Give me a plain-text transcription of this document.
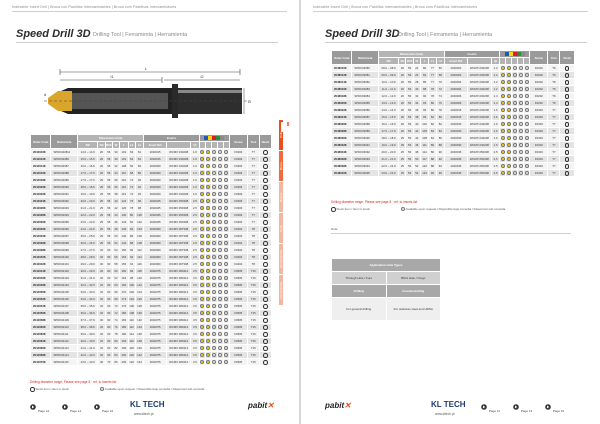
Indexable Insert Drill | Broca con Pastillas Intercambiables | Broca com Pastilhas Intercambiáveis
Speed Drill 3D Drilling Tool | Ferramenta | Herramienta
L
l1	l2
D
d
Order Code	Referência	Dimensions (mm)							Inserts								Screw	Torx	Stock
		ØD	Ød	Øh6	W	L	L1	L2	Insert Ref		Qt								
20440108	SPDK040811	14.0 ~ 14.9	20	56	30	101	63	81	2040015	WCMX 030208	1.6						F0303	T7	
20440128	SPDK04086	15.0 ~ 15.9	20	56	30	101	63	81	2040015	WCMX 030208	1.6						F0303	T7	
20440148	SPDK04087	16.0 ~ 16.9	20	56	32	108	66	84	2040030	WCMX 040208	1.6						F0303	T7	
20440168	SPDK04088	17.0 ~ 17.5	20	56	34	110	68	86	2040030	WCMX 040208	1.6						F0303	T7	
20440188	SPDK04089	17.6 ~ 17.9	25	56	36	116	72	92	2040030	WCMX 040208	1.6						F0303	T7	
20440208	SPDK04090	18.0 ~ 18.9	25	56	36	116	72	92	2040030	WCMX 040208	1.6						F0303	T7	
20440228	SPDK04091	19.0 ~ 19.9	25	56	38	119	74	94	2040030	WCMX 040208	1.6						F0303	T7	
20440248	SPDK04092	20.0 ~ 20.9	25	56	40	122	76	96	2040045	WCMX 050308	2.5						F0303	T7	
20440268	SPDK04093	21.0 ~ 21.9	25	56	42	126	78	98	2040045	WCMX 050308	2.5						F0303	T7	
20440288	SPDK04094	22.0 ~ 22.9	25	56	44	130	80	100	2040045	WCMX 050308	2.5						F0303	T7	
20440308	SPDK04095	23.0 ~ 23.9	25	56	46	133	82	102	2040045	WCMX 050308	2.5						F0303	T7	
20440328	SPDK04096	24.0 ~ 24.9	25	56	48	136	84	104	2040060	WCMX 06T308	2.5						F0404	T8	
20440348	SPDK04097	25.0 ~ 25.9	25	56	50	140	86	106	2040060	WCMX 06T308	2.5						F0404	T8	
20440368	SPDK04098	26.0 ~ 26.9	25	56	52	142	88	108	2040060	WCMX 06T308	2.5						F0404	T8	
20440388	SPDK04099	27.0 ~ 27.9	32	60	54	150	90	112	2040060	WCMX 06T308	2.5						F0404	T8	
20440408	SPDK04100	28.0 ~ 28.9	32	60	56	153	92	114	2040060	WCMX 06T308	2.5						F0404	T8	
20440428	SPDK04101	29.0 ~ 29.9	32	60	58	156	94	116	2040060	WCMX 06T308	2.5						F0404	T8	
20440448	SPDK04102	30.0 ~ 30.9	32	60	60	160	96	118	2040075	WCMX 080412	3.5						F0505	T15	
20440468	SPDK04103	31.0 ~ 31.9	32	60	62	163	98	120	2040075	WCMX 080412	3.5						F0505	T15	
20440488	SPDK04104	32.0 ~ 32.9	32	60	64	166	100	122	2040075	WCMX 080412	3.5						F0505	T15	
20440508	SPDK04105	33.0 ~ 33.9	32	60	66	170	102	124	2040075	WCMX 080412	3.5						F0505	T15	
20440528	SPDK04106	34.0 ~ 34.9	32	60	68	173	104	126	2040075	WCMX 080412	3.5						F0505	T15	
20440548	SPDK04107	35.0 ~ 35.9	32	60	70	176	106	128	2040075	WCMX 080412	3.5						F0505	T15	
20440568	SPDK04108	36.0 ~ 36.9	32	60	72	180	108	130	2040075	WCMX 080412	3.5						F0505	T15	
20440588	SPDK04109	37.0 ~ 37.9	32	60	74	183	110	132	2040075	WCMX 080412	3.5						F0505	T15	
20440608	SPDK04110	38.0 ~ 38.9	32	60	76	186	112	134	2040075	WCMX 080412	3.5						F0505	T15	
20440628	SPDK04111	39.0 ~ 39.9	32	60	78	190	114	136	2040075	WCMX 080412	3.5						F0505	T15	
20440648	SPDK04112	40.0 ~ 40.9	32	60	80	193	116	138	2040075	WCMX 080412	3.5						F0505	T15	
20440668	SPDK04113	41.0 ~ 41.9	32	60	82	196	118	140	2040075	WCMX 080412	3.5						F0505	T15	
20440688	SPDK04114	42.0 ~ 42.9	32	60	84	200	120	142	2040075	WCMX 080412	3.5						F0505	T15	
20440708	SPDK04115	43.0 ~ 43.9	40	70	86	206	122	144	2040075	WCMX 080412	3.5						F0505	T15	
Drills
Broca
Brocas
Tools
Herramientas
Ferramentas
8
Drilling diameter range. Please see page 8 · ref. to inserts list
Stock Item / Item in stock	Available upon request / Disponible bajo consulta / Disponível sob consulta
Page 12	Page 14	Page 16
KL TECH
www.kltech.pt
pabit✕
Indexable Insert Drill | Broca con Pastillas Intercambiables | Broca com Pastilhas Intercambiáveis
Speed Drill 3D
Drilling Tool | Ferramenta | Herramienta
Order Code	Referência	Dimensions (mm)							Inserts								Screw	Torx	Stock
		ØD	Ød	Øh6	W	L	L1	L2	Insert Ref		Qt								
20480108	SPDK03080	08.0 ~ 08.9	20	56	24	80	77	66	2040002	WCMX 030208	1.2						F0202	T6	
20480128	SPDK03081	09.0 ~ 09.9	20	56	26	82	77	68	2040002	WCMX 030208	1.2						F0202	T6	
20480148	SPDK03082	10.0 ~ 10.9	20	56	28	85	77	70	2040004	WCMX 030208	1.2						F0202	T6	
20480168	SPDK03083	11.0 ~ 11.9	20	56	30	88	78	72	2040004	WCMX 030208	1.2						F0202	T6	
20480188	SPDK03084	12.0 ~ 12.9	20	56	32	90	78	74	2040006	WCMX 030208	1.4						F0202	T6	
20480208	SPDK03085	13.0 ~ 13.9	20	56	34	93	80	76	2040006	WCMX 030208	1.4						F0202	T6	
20480228	SPDK03086	14.0 ~ 14.9	20	56	36	96	80	78	2040015	WCMX 030208	1.6						F0303	T7	
20480248	SPDK03087	15.0 ~ 15.9	20	56	38	99	82	80	2040015	WCMX 030208	1.6						F0303	T7	
20480268	SPDK03088	16.0 ~ 16.9	20	56	40	102	82	82	2040030	WCMX 040208	1.6						F0303	T7	
20480288	SPDK03089	17.0 ~ 17.9	20	56	42	105	84	84	2040030	WCMX 040208	1.6						F0303	T7	
20480308	SPDK03090	18.0 ~ 18.9	25	56	44	108	84	86	2040030	WCMX 040208	1.6						F0303	T7	
20480328	SPDK03091	19.0 ~ 19.9	25	56	46	111	86	88	2040030	WCMX 040208	1.6						F0303	T7	
20480348	SPDK03092	20.0 ~ 20.9	25	56	48	114	86	90	2040045	WCMX 050308	2.5						F0303	T7	
20480368	SPDK03093	21.0 ~ 21.9	25	56	50	117	88	92	2040045	WCMX 050308	2.5						F0303	T7	
20480388	SPDK03094	22.0 ~ 22.9	25	56	52	120	88	94	2040045	WCMX 050308	2.5						F0303	T7	
20480408	SPDK03095	23.0 ~ 23.9	25	56	54	123	90	96	2040045	WCMX 050308	2.5						F0303	T7	
Drilling diameter range. Please see page 8 · ref. to inserts list
Stock Item / Item in stock	Available upon request / Disponible bajo consulta / Disponível sob consulta
Note:
Application Hole Types	
Through Hole / Furo	Blind Hole / Ciego
Drilling	Countersinking
For general drilling	For stainless steel and HRSA
pabit✕	KL TECH
www.kltech.pt
Page 11	Page 13	Page 15
